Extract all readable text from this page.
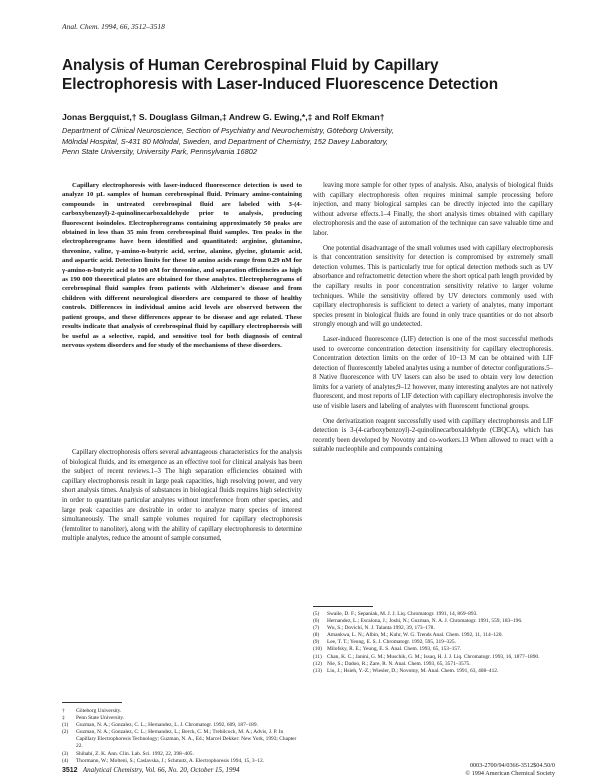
Anal. Chem. 1994, 66, 3512–3518
Analysis of Human Cerebrospinal Fluid by Capillary Electrophoresis with Laser-Induced Fluorescence Detection
Jonas Bergquist,† S. Douglass Gilman,‡ Andrew G. Ewing,*,‡ and Rolf Ekman†
Department of Clinical Neuroscience, Section of Psychiatry and Neurochemistry, Göteborg University,
Mölndal Hospital, S-431 80 Mölndal, Sweden, and Department of Chemistry, 152 Davey Laboratory,
Penn State University, University Park, Pennsylvania 16802

Capillary electrophoresis with laser-induced fluorescence detection is used to analyze 10 μL samples of human cerebrospinal fluid. Primary amine-containing compounds in untreated cerebrospinal fluid are labeled with 3-(4-carboxybenzoyl)-2-quinolinecarboxaldehyde prior to analysis, producing fluorescent isoindoles. Electropherograms containing approximately 50 peaks are obtained in less than 35 min from cerebrospinal fluid samples. Ten peaks in the electropherograms have been identified and quantitated: arginine, glutamine, threonine, valine, γ-amino-n-butyric acid, serine, alanine, glycine, glutamic acid, and aspartic acid. Detection limits for these 10 amino acids range from 0.29 nM for γ-amino-n-butyric acid to 100 nM for threonine, and separation efficiencies as high as 190 000 theoretical plates are obtained for these analytes. Electropherograms of cerebrospinal fluid samples from patients with Alzheimer's disease and from children with different neurological disorders are compared to those of healthy controls. Differences in individual amino acid levels are observed between the patient groups, and these differences appear to be disease and age related. These results indicate that analysis of cerebrospinal fluid by capillary electrophoresis will be useful as a selective, rapid, and sensitive tool for both diagnosis of central nervous system disorders and for study of the mechanisms of these disorders.

Capillary electrophoresis offers several advantageous characteristics for the analysis of biological fluids, and its emergence as an effective tool for clinical analysis has been the subject of recent reviews.1–3 The high separation efficiencies obtained with capillary electrophoresis result in large peak capacities, high resolving power, and very short analysis times. Analysis of substances in biological fluids requires high selectivity in order to quantitate particular analytes without interference from other species, and large peak capacities are desirable in order to analyze many species of interest simultaneously. The small sample volumes required for capillary electrophoresis (femtoliter to nanoliter), along with the ability of capillary electrophoresis to determine multiple analytes, reduce the amount of sample consumed,

leaving more sample for other types of analysis. Also, analysis of biological fluids with capillary electrophoresis often requires minimal sample processing before injection, and many biological samples can be directly injected into the capillary without adverse effects.1–4 Finally, the short analysis times obtained with capillary electrophoresis and the ease of automation of the technique can save valuable time and labor.

One potential disadvantage of the small volumes used with capillary electrophoresis is that concentration sensitivity for detection is compromised by extremely small detection volumes. This is particularly true for optical detection methods such as UV absorbance and refractometric detection where the short optical path length provided by the capillary results in poor concentration sensitivity relative to larger volume techniques. While the sensitivity offered by UV detectors commonly used with capillary electrophoresis is sufficient to detect a variety of analytes, many important species present in biological fluids are found in only trace quantities or do not absorb strongly enough and will go undetected.

Laser-induced fluorescence (LIF) detection is one of the most successful methods used to overcome concentration detection insensitivity for capillary electrophoresis. Concentration detection limits on the order of 10−13 M can be obtained with LIF detection of fluorescently labeled analytes using a number of detector configurations.5–8 Native fluorescence with UV lasers can also be used to obtain very low detection limits for a variety of analytes;9–12 however, many interesting analytes are not natively fluorescent, and most reports of LIF detection with capillary electrophoresis involve the use of visible lasers and labeling of analytes with fluorescent functional groups.

One derivatization reagent successfully used with capillary electrophoresis and LIF detection is 3-(4-carboxybenzoyl)-2-quinolinecarboxaldehyde (CBQCA), which has recently been developed by Novotny and co-workers.13 When allowed to react with a suitable nucleophile and compounds containing

†	Göteborg University.
‡	Penn State University.
(1)	Guzman, N. A.; Gonzalez, C. L.; Hernandez, L. J. Chromatogr. 1992, 609, 187–189.
(2)	Guzman, N. A.; Gonzalez, C. L.; Hernandez, L.; Berck, C. M.; Trebilcock, M. A.; Advis, J. P. In Capillary Electrophoresis Technology; Guzman, N. A., Ed.; Marcel Dekker: New York, 1993; Chapter 22.
(3)	Shihabi, Z. K. Ann. Clin. Lab. Sci. 1992, 22, 398–405.
(4)	Thormann, W.; Molteni, S.; Caslavska, J.; Schmutz, A. Electrophoresis 1994, 15, 3–12.
(5)	Swaile, D. F.; Sepaniak, M. J. J. Liq. Chromatogr. 1991, 14, 869–893.
(6)	Hernandez, L.; Escalona, J.; Joshi, N.; Guzman, N. A. J. Chromatogr. 1991, 559, 183–196.
(7)	Wu, S.; Dovichi, N. J. Talanta 1992, 39, 173–178.
(8)	Amankwa, L. N.; Albin, M.; Kuhr, W. G. Trends Anal. Chem. 1992, 11, 114–120.
(9)	Lee, T. T.; Yeung, E. S. J. Chromatogr. 1992, 595, 319–325.
(10) Milofsky, R. E.; Yeung, E. S. Anal. Chem. 1993, 65, 153–157.
(11) Chan, K. C.; Janini, G. M.; Muschik, G. M.; Issaq, H. J. J. Liq. Chromatogr. 1993, 16, 1877–1890.
(12) Nie, S.; Dadoo, R.; Zare, R. N. Anal. Chem. 1993, 65, 3571–3575.
(13) Liu, J.; Hsieh, Y.-Z.; Wiesler, D.; Novotny, M. Anal. Chem. 1991, 63, 408–412.
3512 Analytical Chemistry, Vol. 66, No. 20, October 15, 1994
0003-2700/94/0366-3512$04.50/0
© 1994 American Chemical Society
